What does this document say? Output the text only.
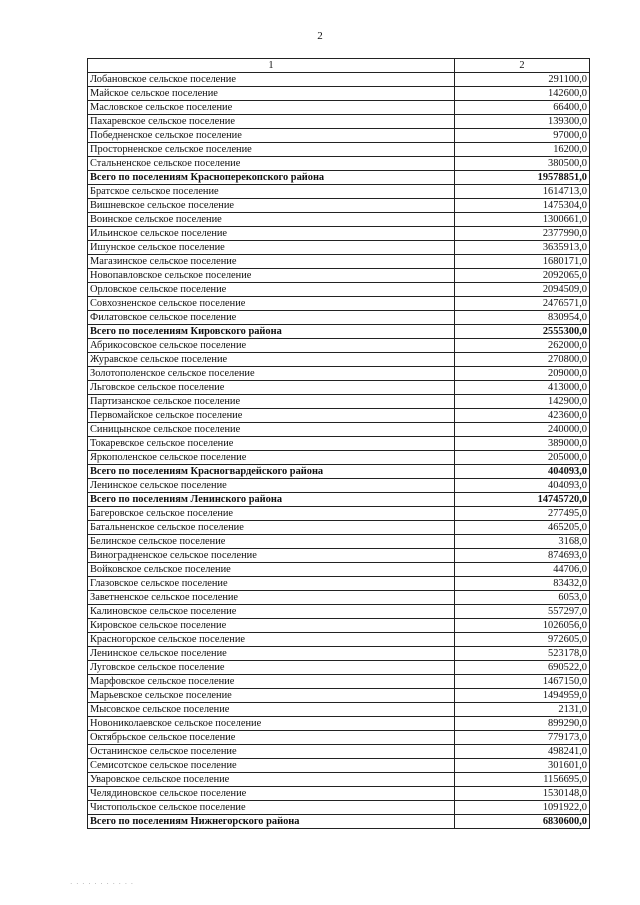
2
1	2
Лобановское сельское поселение	291100,0
Майское сельское поселение	142600,0
Масловское сельское поселение	66400,0
Пахаревское сельское поселение	139300,0
Победненское сельское поселение	97000,0
Просторненское сельское поселение	16200,0
Стальненское сельское поселение	380500,0
Всего по поселениям Красноперекопского района	19578851,0
Братское сельское поселение	1614713,0
Вишневское сельское поселение	1475304,0
Воинское сельское поселение	1300661,0
Ильинское сельское поселение	2377990,0
Ишунское сельское поселение	3635913,0
Магазинское сельское поселение	1680171,0
Новопавловское сельское поселение	2092065,0
Орловское сельское поселение	2094509,0
Совхозненское сельское поселение	2476571,0
Филатовское сельское поселение	830954,0
Всего по поселениям Кировского района	2555300,0
Абрикосовское сельское поселение	262000,0
Журавское сельское поселение	270800,0
Золотополенское сельское поселение	209000,0
Льговское сельское поселение	413000,0
Партизанское сельское поселение	142900,0
Первомайское сельское поселение	423600,0
Синицынское сельское поселение	240000,0
Токаревское сельское поселение	389000,0
Яркополенское сельское поселение	205000,0
Всего по поселениям Красногвардейского района	404093,0
Ленинское сельское поселение	404093,0
Всего по поселениям Ленинского района	14745720,0
Багеровское сельское поселение	277495,0
Батальненское сельское поселение	465205,0
Белинское сельское поселение	3168,0
Виноградненское сельское поселение	874693,0
Войковское сельское поселение	44706,0
Глазовское сельское поселение	83432,0
Заветненское сельское поселение	6053,0
Калиновское сельское поселение	557297,0
Кировское сельское поселение	1026056,0
Красногорское сельское поселение	972605,0
Ленинское сельское поселение	523178,0
Луговское сельское поселение	690522,0
Марфовское сельское поселение	1467150,0
Марьевское сельское поселение	1494959,0
Мысовское сельское поселение	2131,0
Новониколаевское сельское поселение	899290,0
Октябрьское сельское поселение	779173,0
Останинское сельское поселение	498241,0
Семисотское сельское поселение	301601,0
Уваровское сельское поселение	1156695,0
Челядиновское сельское поселение	1530148,0
Чистопольское сельское поселение	1091922,0
Всего по поселениям Нижнегорского района	6830600,0
· · · · · · · · · · ·
